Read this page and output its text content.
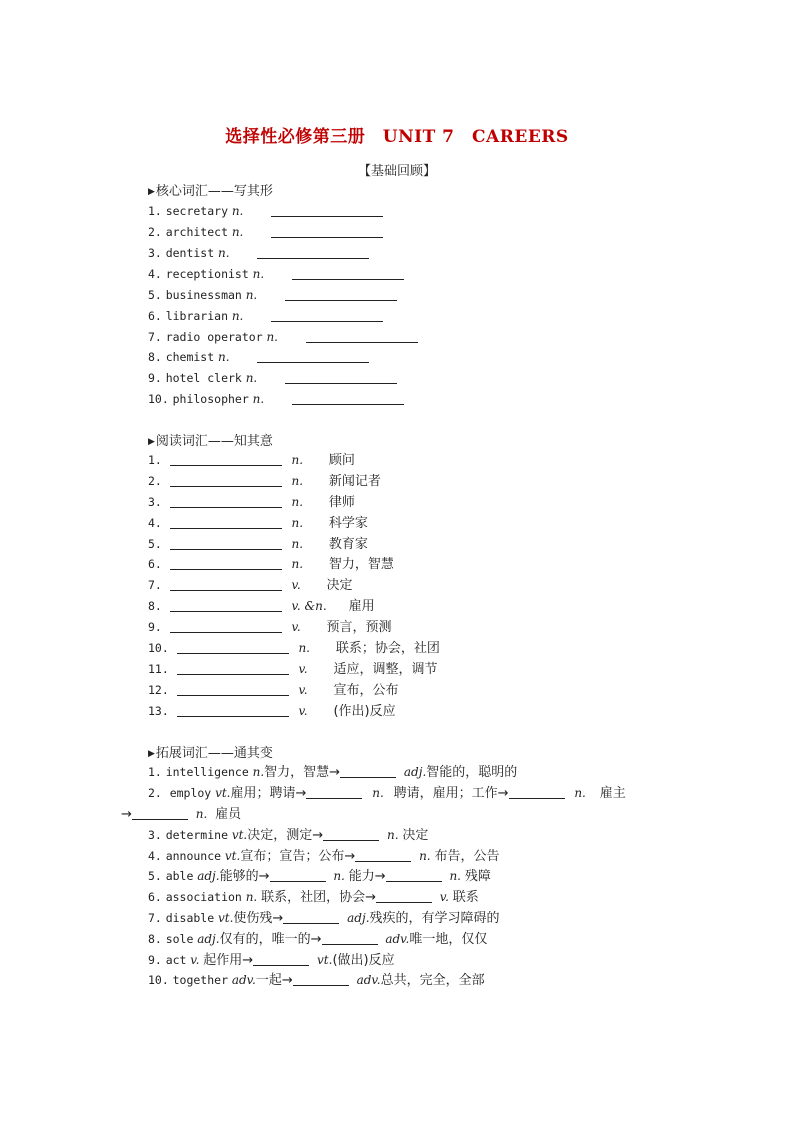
选择性必修第三册　UNIT 7　CAREERS
【基础回顾】
▶核心词汇——写其形
1. secretary n.
2. architect n.
3. dentist n.
4. receptionist n.
5. businessman n.
6. librarian n.
7. radio operator n.
8. chemist n.
9. hotel clerk n.
10. philosopher n.
▶阅读词汇——知其意
1.	n. 顾问
2.	n. 新闻记者
3.	n. 律师
4.	n. 科学家
5.	n. 教育家
6.	n. 智力，智慧
7.	v. 决定
8.	v. &n. 雇用
9.	v. 预言，预测
10.	n. 联系；协会，社团
11.	v. 适应，调整，调节
12.	v. 宣布，公布
13.	v. (作出)反应
▶拓展词汇——通其变
1. intelligence n.智力，智慧→	adj.智能的，聪明的
2. employ vt.雇用；聘请→	n. 聘请，雇用；工作→	n. 雇主
→	n. 雇员
3. determine vt.决定，测定→	n. 决定
4. announce vt.宣布；宣告；公布→	n. 布告，公告
5. able adj.能够的→	n. 能力→	n. 残障
6. association n. 联系，社团，协会→	v. 联系
7. disable vt.使伤残→	adj.残疾的，有学习障碍的
8. sole adj.仅有的，唯一的→	adv.唯一地，仅仅
9. act v. 起作用→	vt.(做出)反应
10. together adv.一起→	adv.总共，完全，全部
